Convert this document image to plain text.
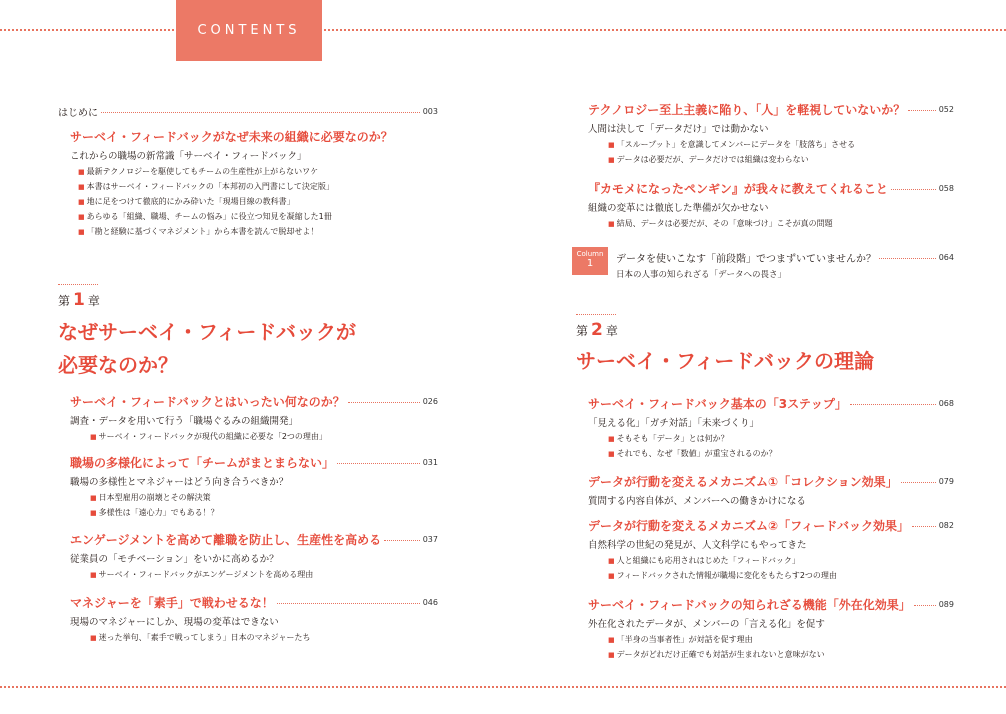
CONTENTS
はじめに	003
サーベイ・フィードバックがなぜ未来の組織に必要なのか？
これからの職場の新常識「サーベイ・フィードバック」
■ 最新テクノロジーを駆使してもチームの生産性が上がらないワケ
■ 本書はサーベイ・フィードバックの「本邦初の入門書にして決定版」
■ 地に足をつけて徹底的にかみ砕いた「現場目線の教科書」
■ あらゆる「組織、職場、チームの悩み」に役立つ知見を凝縮した1冊
■ 「勘と経験に基づくマネジメント」から本書を読んで脱却せよ！
第 1 章
なぜサーベイ・フィードバックが
必要なのか？
サーベイ・フィードバックとはいったい何なのか？	026
調査・データを用いて行う「職場ぐるみの組織開発」
■ サーベイ・フィードバックが現代の組織に必要な「2つの理由」
職場の多様化によって「チームがまとまらない」	031
職場の多様性とマネジャーはどう向き合うべきか？
■ 日本型雇用の崩壊とその解決策
■ 多様性は「遠心力」でもある！？
エンゲージメントを高めて離職を防止し、生産性を高める	037
従業員の「モチベーション」をいかに高めるか？
■ サーベイ・フィードバックがエンゲージメントを高める理由
マネジャーを「素手」で戦わせるな！	046
現場のマネジャーにしか、現場の変革はできない
■ 迷った挙句、「素手で戦ってしまう」日本のマネジャーたち
テクノロジー至上主義に陥り、「人」を軽視していないか？	052
人間は決して「データだけ」では動かない
■ 「スループット」を意識してメンバーにデータを「肢落ち」させる
■ データは必要だが、データだけでは組織は変わらない
『カモメになったペンギン』が我々に教えてくれること	058
組織の変革には徹底した準備が欠かせない
■ 結局、データは必要だが、その「意味づけ」こそが真の問題
Column
1	データを使いこなす「前段階」でつまずいていませんか？	064
日本の人事の知られざる「データへの畏さ」
第 2 章
サーベイ・フィードバックの理論
サーベイ・フィードバック基本の「3ステップ」	068
「見える化」「ガチ対話」「未来づくり」
■ そもそも「データ」とは何か？
■ それでも、なぜ「数値」が重宝されるのか？
データが行動を変えるメカニズム①「コレクション効果」	079
質問する内容自体が、メンバーへの働きかけになる
データが行動を変えるメカニズム②「フィードバック効果」	082
自然科学の世紀の発見が、人文科学にもやってきた
■ 人と組織にも応用されはじめた「フィードバック」
■ フィードバックされた情報が職場に変化をもたらす2つの理由
サーベイ・フィードバックの知られざる機能「外在化効果」	089
外在化されたデータが、メンバーの「言える化」を促す
■ 「半身の当事者性」が対話を促す理由
■ データがどれだけ正確でも対話が生まれないと意味がない
